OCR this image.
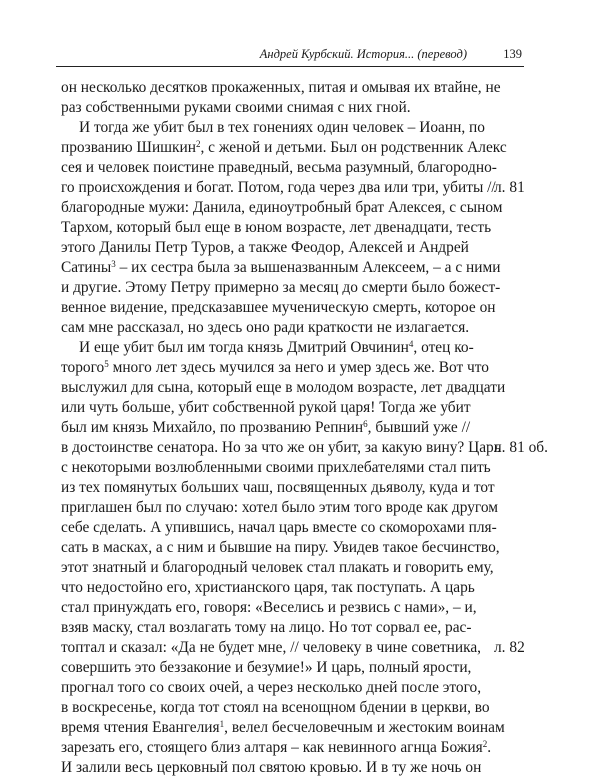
Андрей Курбский. История... (перевод)	139
он несколько десятков прокаженных, питая и омывая их втайне, не
раз собственными руками своими снимая с них гной.
И тогда же убит был в тех гонениях один человек – Иоанн, по
прозванию Шишкин$^2$, с женой и детьми. Был он родственник Алекс
сея и человек поистине праведный, весьма разумный, благородно-
го происхождения и богат. Потом, года через два или три, убиты //
благородные мужи: Данила, единоутробный брат Алексея, с сыном
Тархом, который был еще в юном возрасте, лет двенадцати, тесть
этого Данилы Петр Туров, а также Феодор, Алексей и Андрей
Сатины$^3$ – их сестра была за вышеназванным Алексеем, – а с ними
и другие. Этому Петру примерно за месяц до смерти было божест-
венное видение, предсказавшее мученическую смерть, которое он
сам мне рассказал, но здесь оно ради краткости не излагается.
И еще убит был им тогда князь Дмитрий Овчинин$^4$, отец ко-
торого$^5$ много лет здесь мучился за него и умер здесь же. Вот что
выслужил для сына, который еще в молодом возрасте, лет двадцати
или чуть больше, убит собственной рукой царя! Тогда же убит
был им князь Михайло, по прозванию Репнин$^6$, бывший уже //
в достоинстве сенатора. Но за что же он убит, за какую вину? Царь
с некоторыми возлюбленными своими прихлебателями стал пить
из тех помянутых больших чаш, посвященных дьяволу, куда и тот
приглашен был по случаю: хотел было этим того вроде как другом
себе сделать. А упившись, начал царь вместе со скоморохами пля-
сать в масках, а с ним и бывшие на пиру. Увидев такое бесчинство,
этот знатный и благородный человек стал плакать и говорить ему,
что недостойно его, христианского царя, так поступать. А царь
стал принуждать его, говоря: «Веселись и резвись с нами», – и,
взяв маску, стал возлагать тому на лицо. Но тот сорвал ее, рас-
топтал и сказал: «Да не будет мне, // человеку в чине советника,
совершить это беззаконие и безумие!» И царь, полный ярости,
прогнал того со своих очей, а через несколько дней после этого,
в воскресенье, когда тот стоял на всенощном бдении в церкви, во
время чтения Евангелия$^1$, велел бесчеловечным и жестоким воинам
зарезать его, стоящего близ алтаря – как невинного агнца Божия$^2$.
И залили весь церковный пол святою кровью. И в ту же ночь он
л. 81
л. 81 об.
л. 82
